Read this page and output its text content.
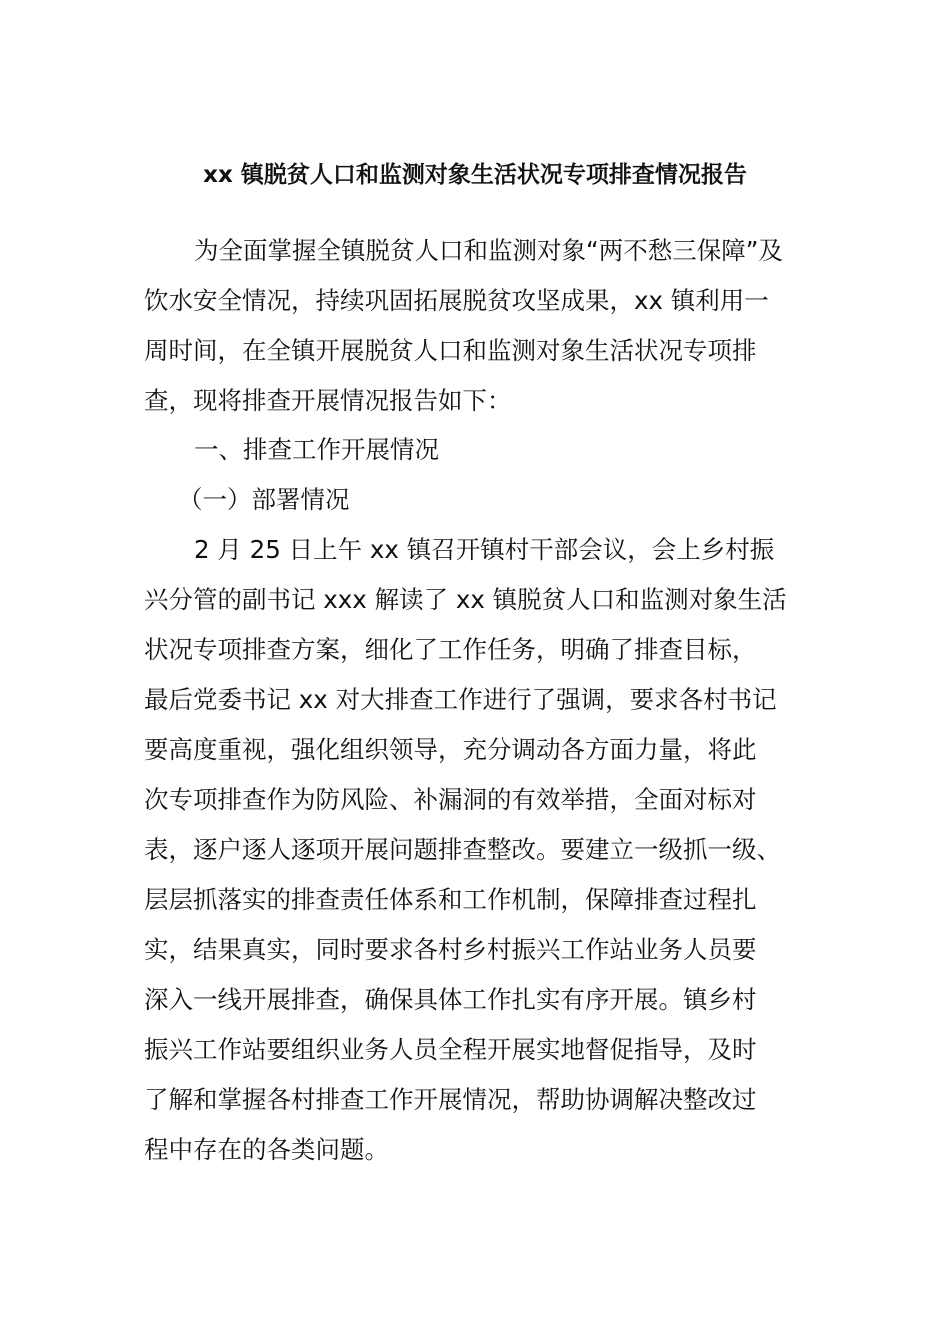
xx 镇脱贫人口和监测对象生活状况专项排查情况报告
为全面掌握全镇脱贫人口和监测对象“两不愁三保障”及
饮水安全情况，持续巩固拓展脱贫攻坚成果，xx 镇利用一
周时间，在全镇开展脱贫人口和监测对象生活状况专项排
查，现将排查开展情况报告如下：
一、排查工作开展情况
（一）部署情况
2 月 25 日上午 xx 镇召开镇村干部会议，会上乡村振
兴分管的副书记 xxx 解读了 xx 镇脱贫人口和监测对象生活
状况专项排查方案，细化了工作任务，明确了排查目标，
最后党委书记 xx 对大排查工作进行了强调，要求各村书记
要高度重视，强化组织领导，充分调动各方面力量，将此
次专项排查作为防风险、补漏洞的有效举措，全面对标对
表，逐户逐人逐项开展问题排查整改。要建立一级抓一级、
层层抓落实的排查责任体系和工作机制，保障排查过程扎
实，结果真实，同时要求各村乡村振兴工作站业务人员要
深入一线开展排查，确保具体工作扎实有序开展。镇乡村
振兴工作站要组织业务人员全程开展实地督促指导，及时
了解和掌握各村排查工作开展情况，帮助协调解决整改过
程中存在的各类问题。
